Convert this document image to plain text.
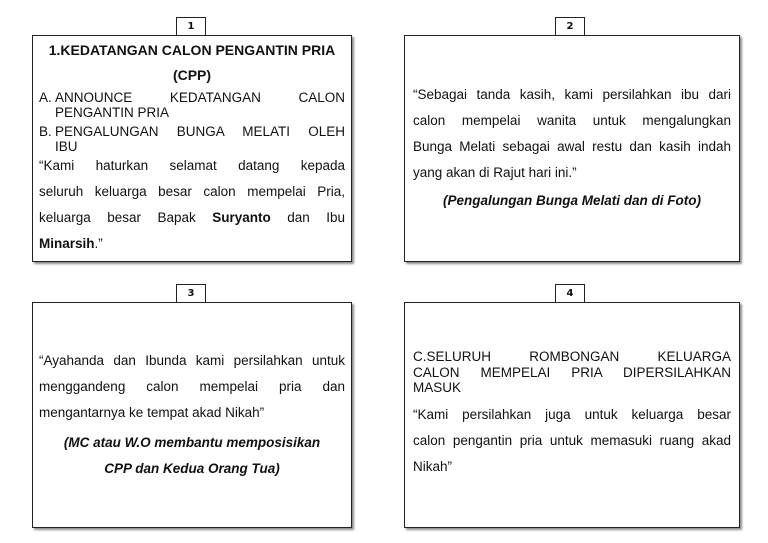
1
1.KEDATANGAN CALON PENGANTIN PRIA
(CPP)
A. ANNOUNCE KEDATANGAN CALON
PENGANTIN PRIA
B. PENGALUNGAN BUNGA MELATI OLEH
IBU
“Kami haturkan selamat datang kepada
seluruh keluarga besar calon mempelai Pria,
keluarga besar Bapak Suryanto dan Ibu
Minarsih.”
2
“Sebagai tanda kasih, kami persilahkan ibu dari
calon mempelai wanita untuk mengalungkan
Bunga Melati sebagai awal restu dan kasih indah
yang akan di Rajut hari ini.”
(Pengalungan Bunga Melati dan di Foto)
3
“Ayahanda dan Ibunda kami persilahkan untuk
menggandeng calon mempelai pria dan
mengantarnya ke tempat akad Nikah”
(MC atau W.O membantu memposisikan
CPP dan Kedua Orang Tua)
4
C.SELURUH ROMBONGAN KELUARGA
CALON MEMPELAI PRIA DIPERSILAHKAN
MASUK
“Kami persilahkan juga untuk keluarga besar
calon pengantin pria untuk memasuki ruang akad
Nikah”
